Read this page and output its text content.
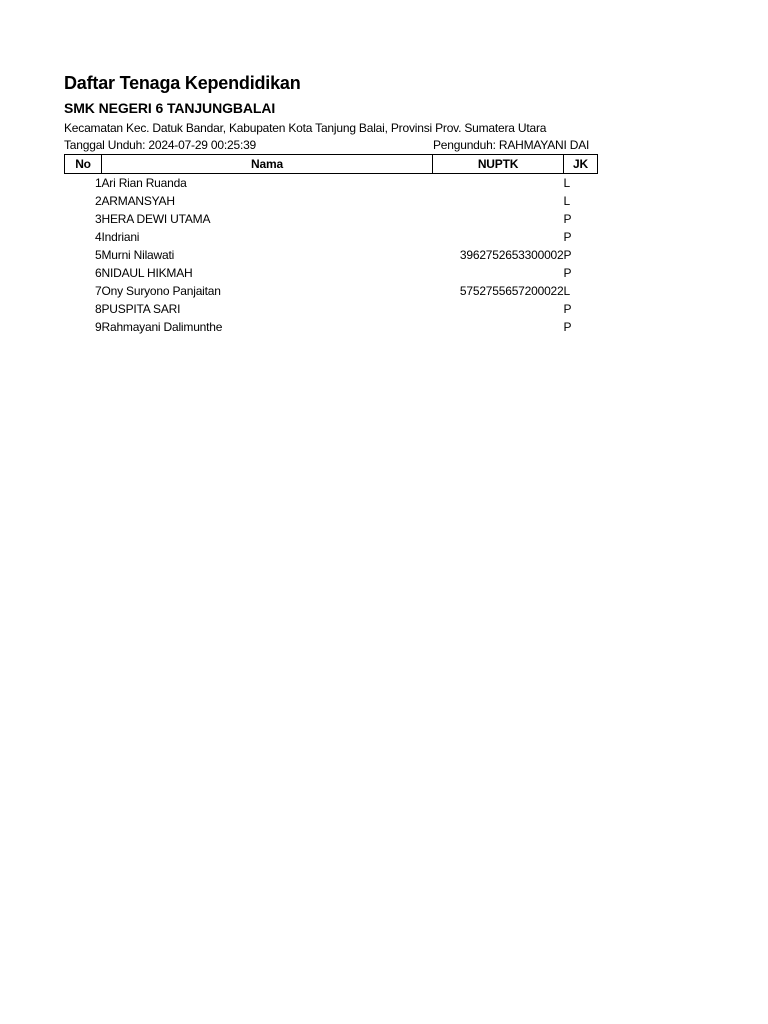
Daftar Tenaga Kependidikan
SMK NEGERI 6 TANJUNGBALAI
Kecamatan Kec. Datuk Bandar, Kabupaten Kota Tanjung Balai, Provinsi Prov. Sumatera Utara
Tanggal Unduh: 2024-07-29 00:25:39	Pengunduh: RAHMAYANI DAI
No	Nama	NUPTK	JK
1	Ari Rian Ruanda		L
2	ARMANSYAH		L
3	HERA DEWI UTAMA		P
4	Indriani		P
5	Murni Nilawati	3962752653300002	P
6	NIDAUL HIKMAH		P
7	Ony Suryono Panjaitan	5752755657200022	L
8	PUSPITA SARI		P
9	Rahmayani Dalimunthe		P
